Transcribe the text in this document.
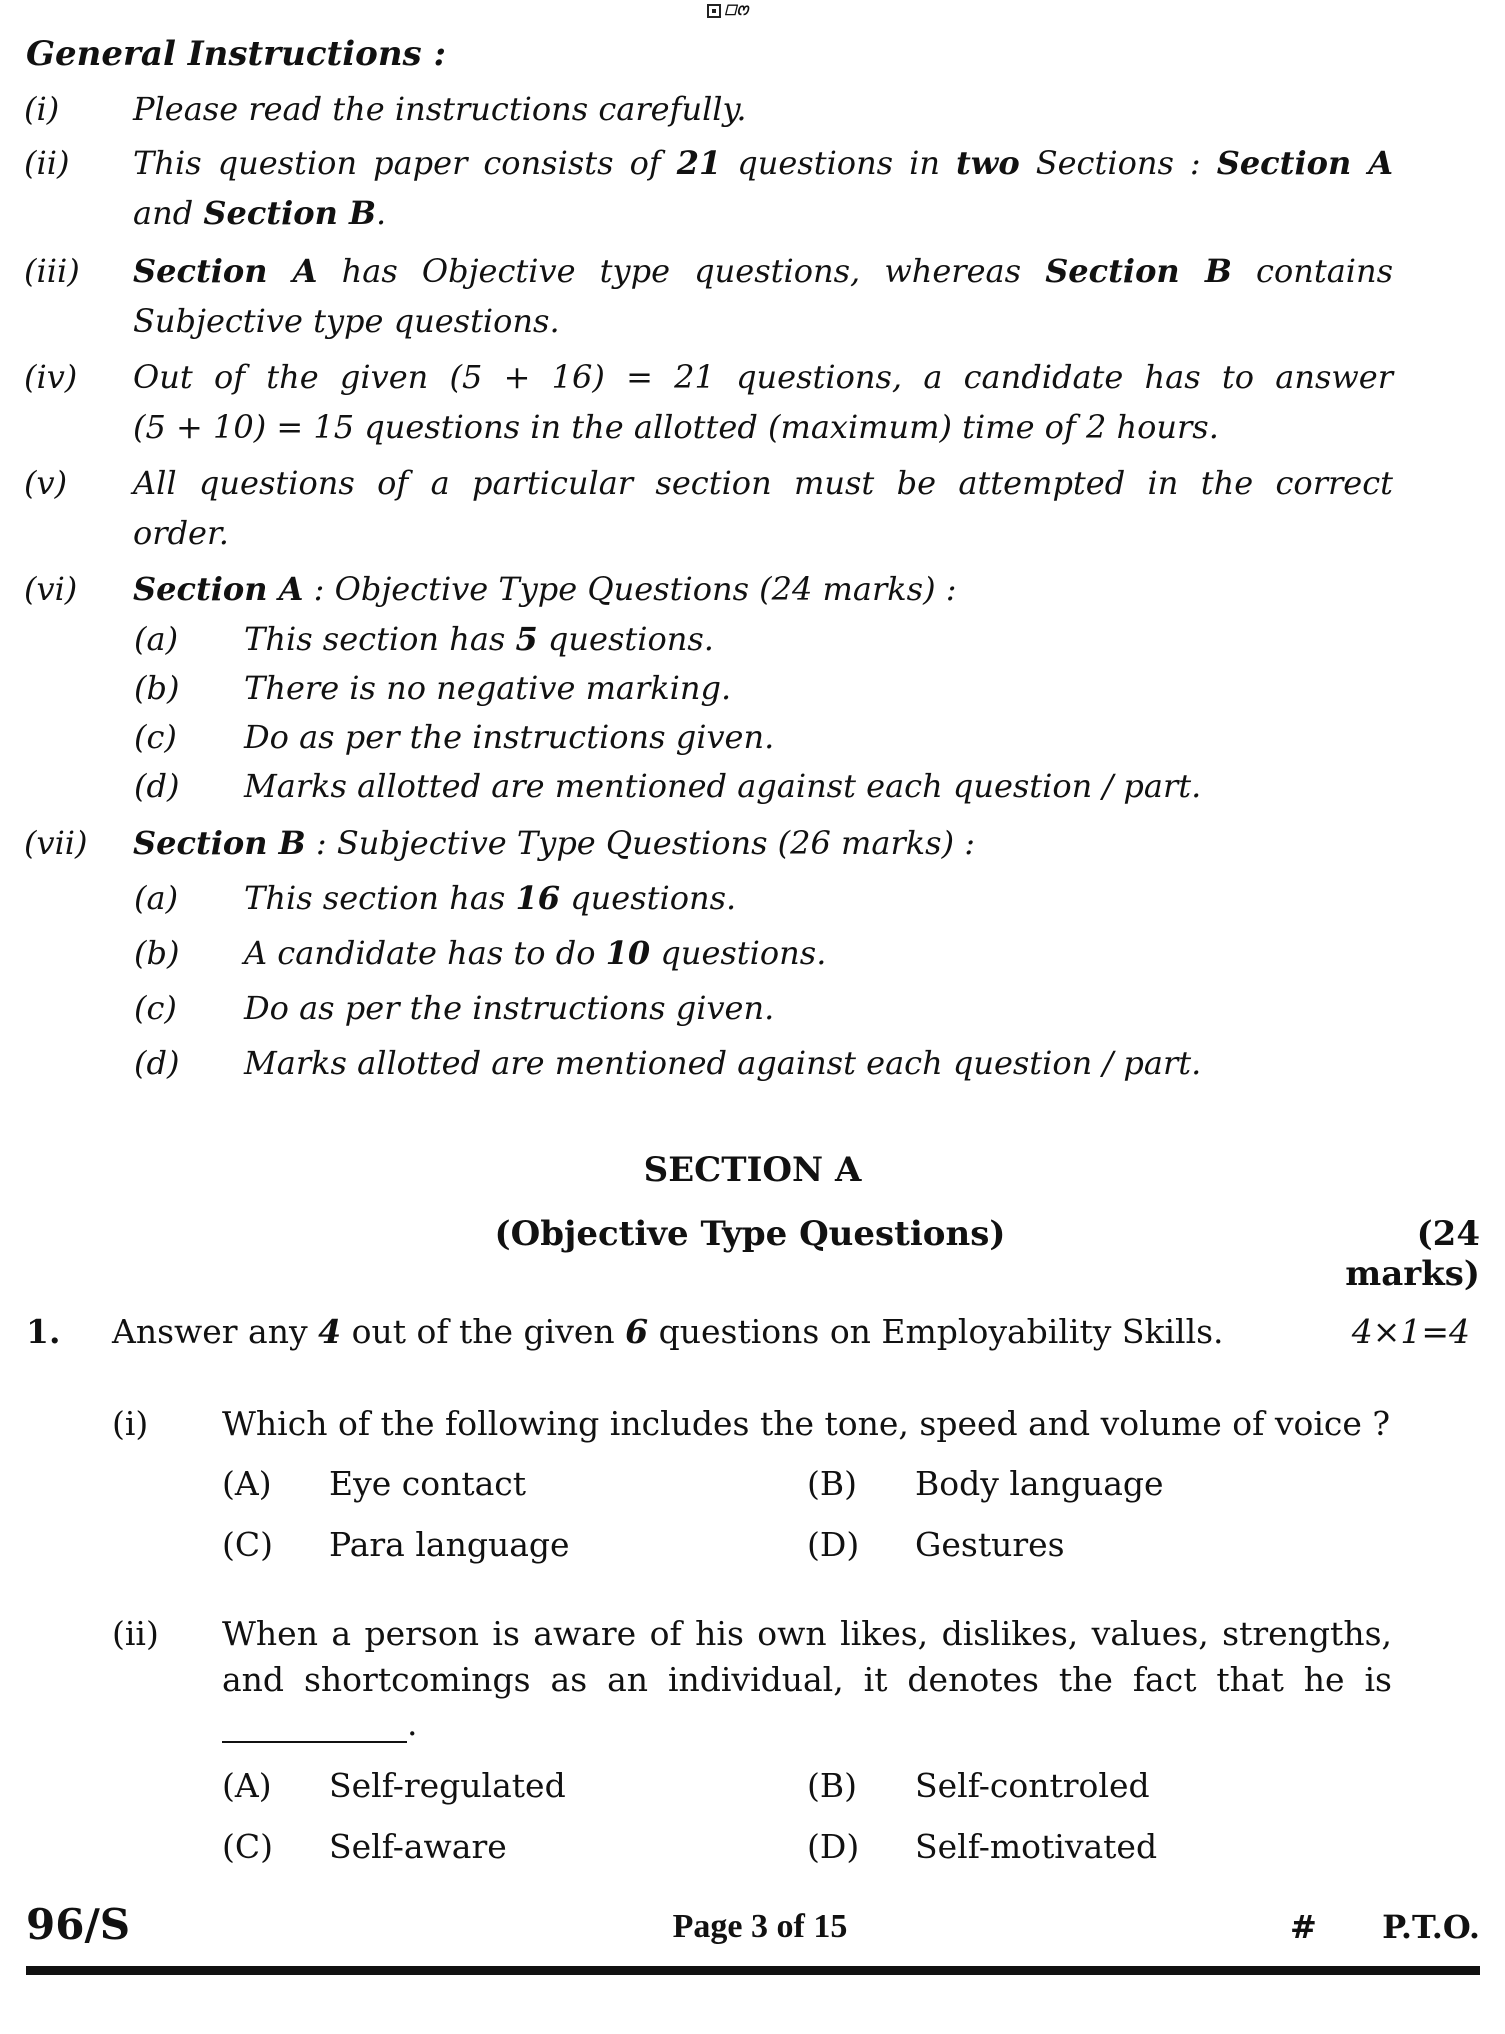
☐ꯁ
General Instructions :
(i) Please read the instructions carefully.
(ii) This question paper consists of 21 questions in two Sections : Section A
and Section B.
(iii) Section A has Objective type questions, whereas Section B contains
Subjective type questions.
(iv) Out of the given (5 + 16) = 21 questions, a candidate has to answer
(5 + 10) = 15 questions in the allotted (maximum) time of 2 hours.
(v) All questions of a particular section must be attempted in the correct
order.
(vi) Section A : Objective Type Questions (24 marks) :
(a) This section has 5 questions.
(b) There is no negative marking.
(c) Do as per the instructions given.
(d) Marks allotted are mentioned against each question / part.
(vii) Section B : Subjective Type Questions (26 marks) :
(a) This section has 16 questions.
(b) A candidate has to do 10 questions.
(c) Do as per the instructions given.
(d) Marks allotted are mentioned against each question / part.
SECTION A
(Objective Type Questions)	(24 marks)
1. Answer any 4 out of the given 6 questions on Employability Skills.	4×1=4
(i) Which of the following includes the tone, speed and volume of voice ?
(A) Eye contact	(B) Body language
(C) Para language	(D) Gestures
(ii) When a person is aware of his own likes, dislikes, values, strengths,
and shortcomings as an individual, it denotes the fact that he is
.
(A) Self-regulated	(B) Self-controled
(C) Self-aware	(D) Self-motivated
96/S	Page 3 of 15	# P.T.O.
